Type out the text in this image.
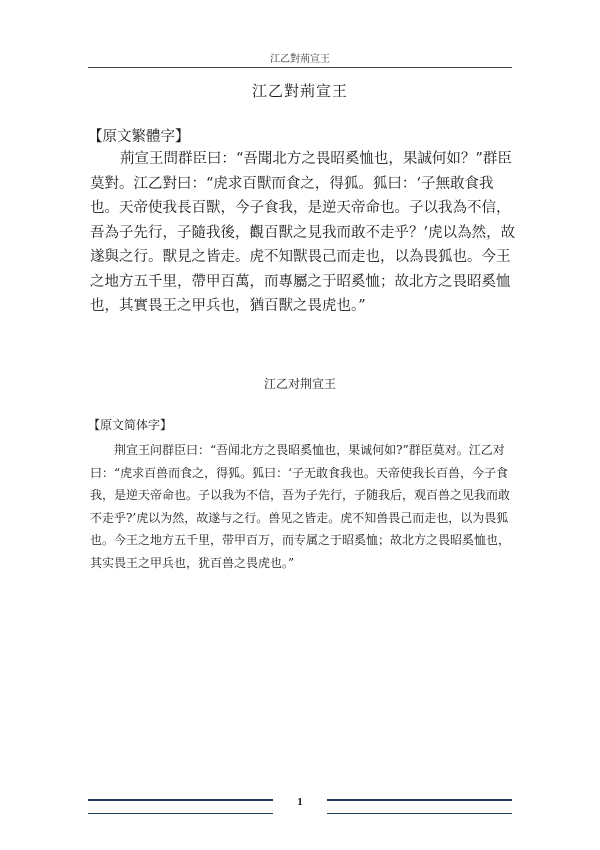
江乙對荊宣王
江乙對荊宣王
【原文繁體字】

荊宣王問群臣曰：“吾聞北方之畏昭奚恤也，果誠何如？”群臣莫對。江乙對曰：“虎求百獸而食之，得狐。狐曰：‘子無敢食我也。天帝使我長百獸，今子食我，是逆天帝命也。子以我為不信，吾為子先行，子隨我後，觀百獸之見我而敢不走乎？’虎以為然，故遂與之行。獸見之皆走。虎不知獸畏己而走也，以為畏狐也。今王之地方五千里，帶甲百萬，而專屬之于昭奚恤；故北方之畏昭奚恤也，其實畏王之甲兵也，猶百獸之畏虎也。”

江乙对荆宣王
【原文简体字】

荆宣王问群臣曰：“吾闻北方之畏昭奚恤也，果诚何如?”群臣莫对。江乙对曰：“虎求百兽而食之，得狐。狐曰：‘子无敢食我也。天帝使我长百兽，今子食我，是逆天帝命也。子以我为不信，吾为子先行，子随我后，观百兽之见我而敢不走乎?’虎以为然，故遂与之行。兽见之皆走。虎不知兽畏己而走也，以为畏狐也。今王之地方五千里，带甲百万，而专属之于昭奚恤；故北方之畏昭奚恤也，其实畏王之甲兵也，犹百兽之畏虎也。”

1
